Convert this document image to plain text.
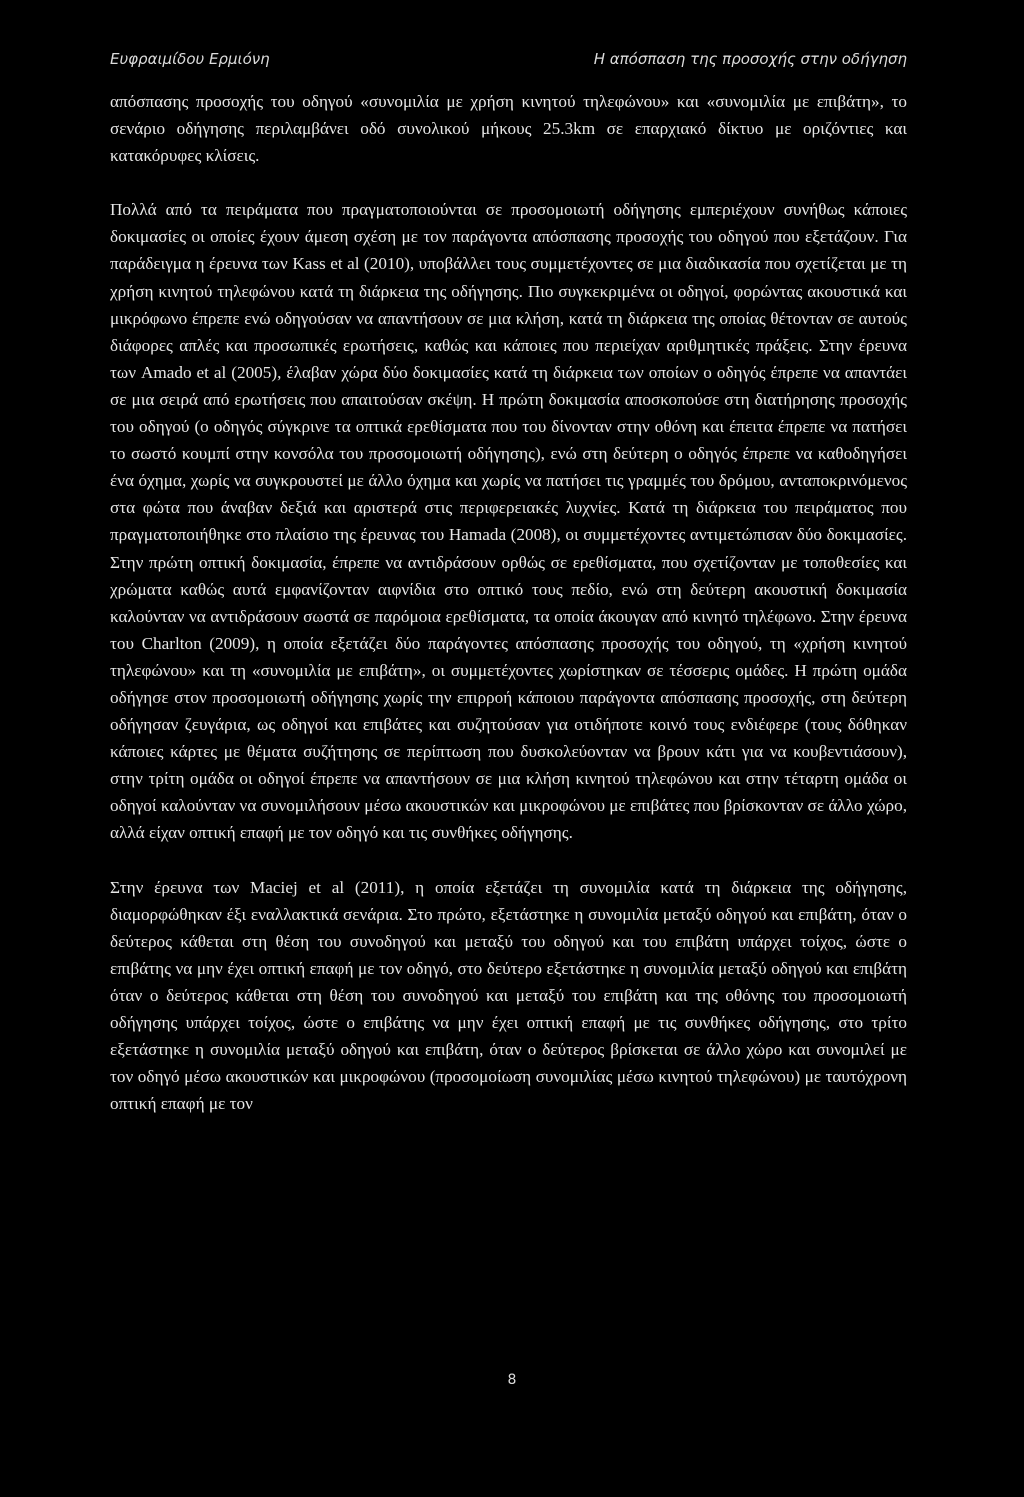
Ευφραιμίδου Ερμιόνη	Η απόσπαση της προσοχής στην οδήγηση

απόσπασης προσοχής του οδηγού «συνομιλία με χρήση κινητού τηλεφώνου» και «συνομιλία με επιβάτη», το σενάριο οδήγησης περιλαμβάνει οδό συνολικού μήκους 25.3km σε επαρχιακό δίκτυο με οριζόντιες και κατακόρυφες κλίσεις.

Πολλά από τα πειράματα που πραγματοποιούνται σε προσομοιωτή οδήγησης εμπεριέχουν συνήθως κάποιες δοκιμασίες οι οποίες έχουν άμεση σχέση με τον παράγοντα απόσπασης προσοχής του οδηγού που εξετάζουν. Για παράδειγμα η έρευνα των Kass et al (2010), υποβάλλει τους συμμετέχοντες σε μια διαδικασία που σχετίζεται με τη χρήση κινητού τηλεφώνου κατά τη διάρκεια της οδήγησης. Πιο συγκεκριμένα οι οδηγοί, φορώντας ακουστικά και μικρόφωνο έπρεπε ενώ οδηγούσαν να απαντήσουν σε μια κλήση, κατά τη διάρκεια της οποίας θέτονταν σε αυτούς διάφορες απλές και προσωπικές ερωτήσεις, καθώς και κάποιες που περιείχαν αριθμητικές πράξεις. Στην έρευνα των Amado et al (2005), έλαβαν χώρα δύο δοκιμασίες κατά τη διάρκεια των οποίων ο οδηγός έπρεπε να απαντάει σε μια σειρά από ερωτήσεις που απαιτούσαν σκέψη. Η πρώτη δοκιμασία αποσκοπούσε στη διατήρησης προσοχής του οδηγού (ο οδηγός σύγκρινε τα οπτικά ερεθίσματα που του δίνονταν στην οθόνη και έπειτα έπρεπε να πατήσει το σωστό κουμπί στην κονσόλα του προσομοιωτή οδήγησης), ενώ στη δεύτερη ο οδηγός έπρεπε να καθοδηγήσει ένα όχημα, χωρίς να συγκρουστεί με άλλο όχημα και χωρίς να πατήσει τις γραμμές του δρόμου, ανταποκρινόμενος στα φώτα που άναβαν δεξιά και αριστερά στις περιφερειακές λυχνίες. Κατά τη διάρκεια του πειράματος που πραγματοποιήθηκε στο πλαίσιο της έρευνας του Hamada (2008), οι συμμετέχοντες αντιμετώπισαν δύο δοκιμασίες. Στην πρώτη οπτική δοκιμασία, έπρεπε να αντιδράσουν ορθώς σε ερεθίσματα, που σχετίζονταν με τοποθεσίες και χρώματα καθώς αυτά εμφανίζονταν αιφνίδια στο οπτικό τους πεδίο, ενώ στη δεύτερη ακουστική δοκιμασία καλούνταν να αντιδράσουν σωστά σε παρόμοια ερεθίσματα, τα οποία άκουγαν από κινητό τηλέφωνο. Στην έρευνα του Charlton (2009), η οποία εξετάζει δύο παράγοντες απόσπασης προσοχής του οδηγού, τη «χρήση κινητού τηλεφώνου» και τη «συνομιλία με επιβάτη», οι συμμετέχοντες χωρίστηκαν σε τέσσερις ομάδες. Η πρώτη ομάδα οδήγησε στον προσομοιωτή οδήγησης χωρίς την επιρροή κάποιου παράγοντα απόσπασης προσοχής, στη δεύτερη οδήγησαν ζευγάρια, ως οδηγοί και επιβάτες και συζητούσαν για οτιδήποτε κοινό τους ενδιέφερε (τους δόθηκαν κάποιες κάρτες με θέματα συζήτησης σε περίπτωση που δυσκολεύονταν να βρουν κάτι για να κουβεντιάσουν), στην τρίτη ομάδα οι οδηγοί έπρεπε να απαντήσουν σε μια κλήση κινητού τηλεφώνου και στην τέταρτη ομάδα οι οδηγοί καλούνταν να συνομιλήσουν μέσω ακουστικών και μικροφώνου με επιβάτες που βρίσκονταν σε άλλο χώρο, αλλά είχαν οπτική επαφή με τον οδηγό και τις συνθήκες οδήγησης.

Στην έρευνα των Maciej et al (2011), η οποία εξετάζει τη συνομιλία κατά τη διάρκεια της οδήγησης, διαμορφώθηκαν έξι εναλλακτικά σενάρια. Στο πρώτο, εξετάστηκε η συνομιλία μεταξύ οδηγού και επιβάτη, όταν ο δεύτερος κάθεται στη θέση του συνοδηγού και μεταξύ του οδηγού και του επιβάτη υπάρχει τοίχος, ώστε ο επιβάτης να μην έχει οπτική επαφή με τον οδηγό, στο δεύτερο εξετάστηκε η συνομιλία μεταξύ οδηγού και επιβάτη όταν ο δεύτερος κάθεται στη θέση του συνοδηγού και μεταξύ του επιβάτη και της οθόνης του προσομοιωτή οδήγησης υπάρχει τοίχος, ώστε ο επιβάτης να μην έχει οπτική επαφή με τις συνθήκες οδήγησης, στο τρίτο εξετάστηκε η συνομιλία μεταξύ οδηγού και επιβάτη, όταν ο δεύτερος βρίσκεται σε άλλο χώρο και συνομιλεί με τον οδηγό μέσω ακουστικών και μικροφώνου (προσομοίωση συνομιλίας μέσω κινητού τηλεφώνου) με ταυτόχρονη οπτική επαφή με τον

8
